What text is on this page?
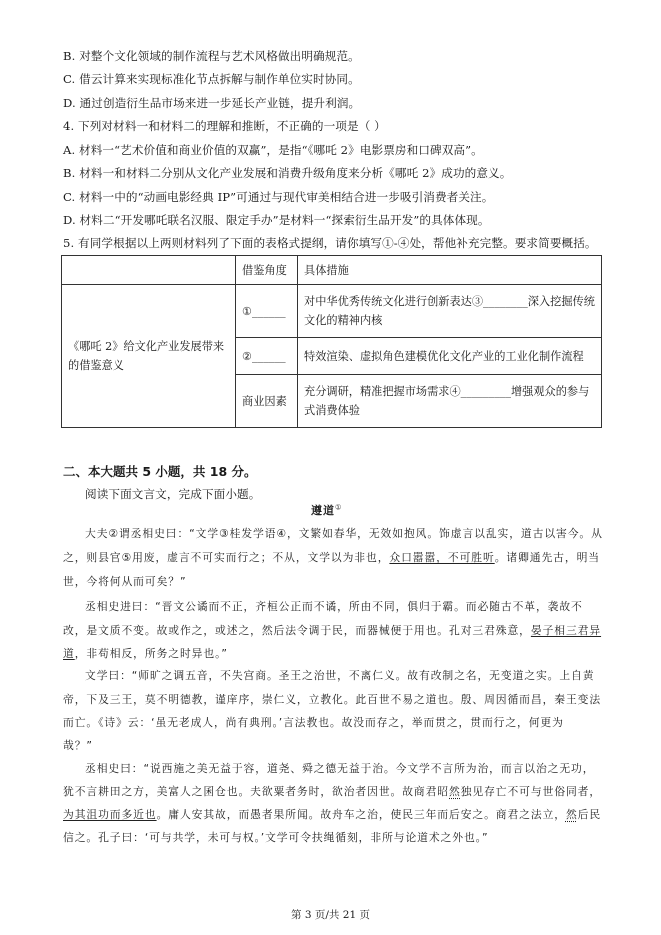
B. 对整个文化领域的制作流程与艺术风格做出明确规范。
C. 借云计算来实现标准化节点拆解与制作单位实时协同。
D. 通过创造衍生品市场来进一步延长产业链，提升利润。
4. 下列对材料一和材料二的理解和推断，不正确的一项是（ ）
A. 材料一“艺术价值和商业价值的双赢”，是指“《哪吒 2》电影票房和口碑双高”。
B. 材料一和材料二分别从文化产业发展和消费升级角度来分析《哪吒 2》成功的意义。
C. 材料一中的“动画电影经典 IP”可通过与现代审美相结合进一步吸引消费者关注。
D. 材料二“开发哪吒联名汉服、限定手办”是材料一“探索衍生品开发”的具体体现。
5. 有同学根据以上两则材料列了下面的表格式提纲，请你填写①-④处，帮他补充完整。要求简要概括。
	借鉴角度	具体措施
《哪吒 2》给文化产业发展带来的借鉴意义	①______	对中华优秀传统文化进行创新表达③________深入挖掘传统文化的精神内核
	②______	特效渲染、虚拟角色建模优化文化产业的工业化制作流程
	商业因素	充分调研，精准把握市场需求④_________增强观众的参与式消费体验
二、本大题共 5 小题，共 18 分。
阅读下面文言文，完成下面小题。
遵道①
大夫②谓丞相史曰：“文学③桂发学语④，文繁如春华，无效如抱风。饰虚言以乱实，道古以害今。从
之，则县官⑤用废，虚言不可实而行之；不从，文学以为非也，众口嚣嚣，不可胜听。诸卿通先古，明当
世，今将何从而可矣？”
丞相史进曰：“晋文公谲而不正，齐桓公正而不谲，所由不同，俱归于霸。而必随古不革，袭故不
改，是文质不变。故或作之，或述之，然后法令调于民，而器械便于用也。孔对三君殊意，晏子相三君异
道，非苟相反，所务之时异也。”
文学曰：“师旷之调五音，不失宫商。圣王之治世，不离仁义。故有改制之名，无变道之实。上自黄
帝，下及三王，莫不明德教，谨庠序，崇仁义，立教化。此百世不易之道也。殷、周因循而昌，秦王变法
而亡。《诗》云：‘虽无老成人，尚有典刑。’言法教也。故没而存之，举而贯之，贯而行之，何更为
哉？”
丞相史曰：“说西施之美无益于容，道尧、舜之德无益于治。今文学不言所为治，而言以治之无功，
犹不言耕田之方，美富人之囷仓也。夫欲粟者务时，欲治者因世。故商君昭然独见存亡不可与世俗同者，
为其沮功而多近也。庸人安其故，而愚者果所闻。故舟车之治，使民三年而后安之。商君之法立，然后民
信之。孔子曰：‘可与共学，未可与权。’文学可令扶绳循刻，非所与论道术之外也。”
第 3 页/共 21 页
